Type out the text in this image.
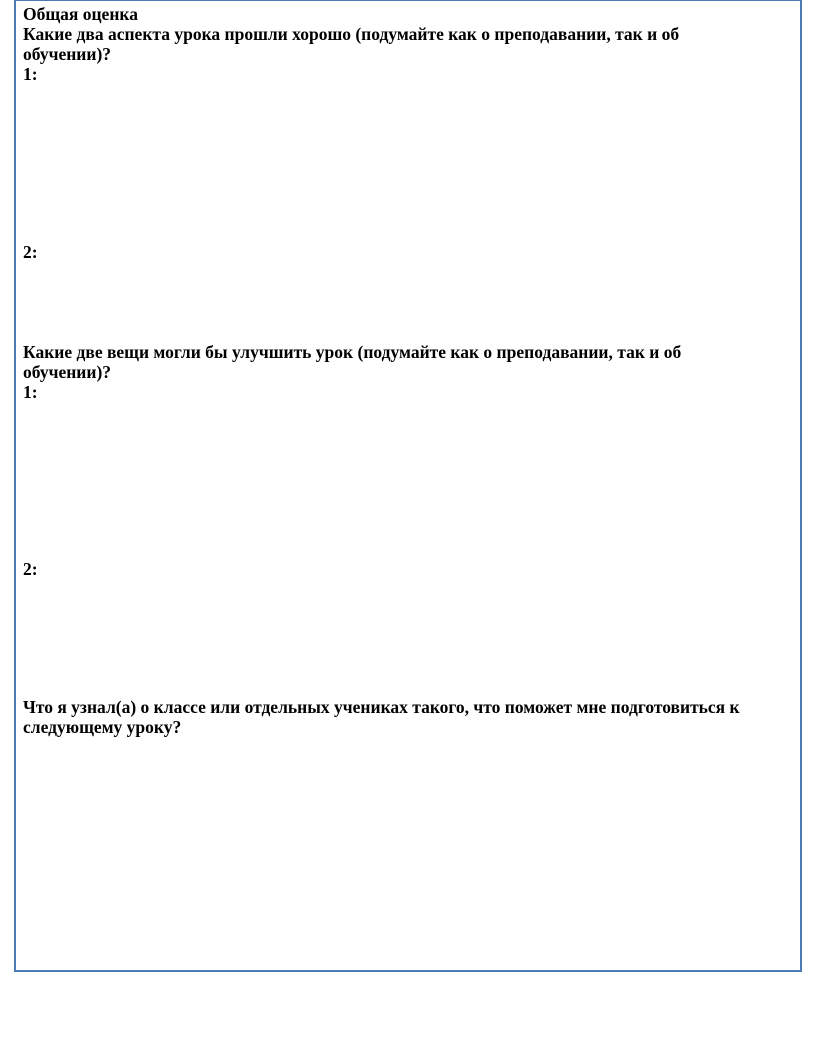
Общая оценка

Какие два аспекта урока прошли хорошо (подумайте как о преподавании, так и об

обучении)?

1:

2:

Какие две вещи могли бы улучшить урок (подумайте как о преподавании, так и об

обучении)?

1:

2:

Что я узнал(а) о классе или отдельных учениках такого, что поможет мне подготовиться к

следующему уроку?
